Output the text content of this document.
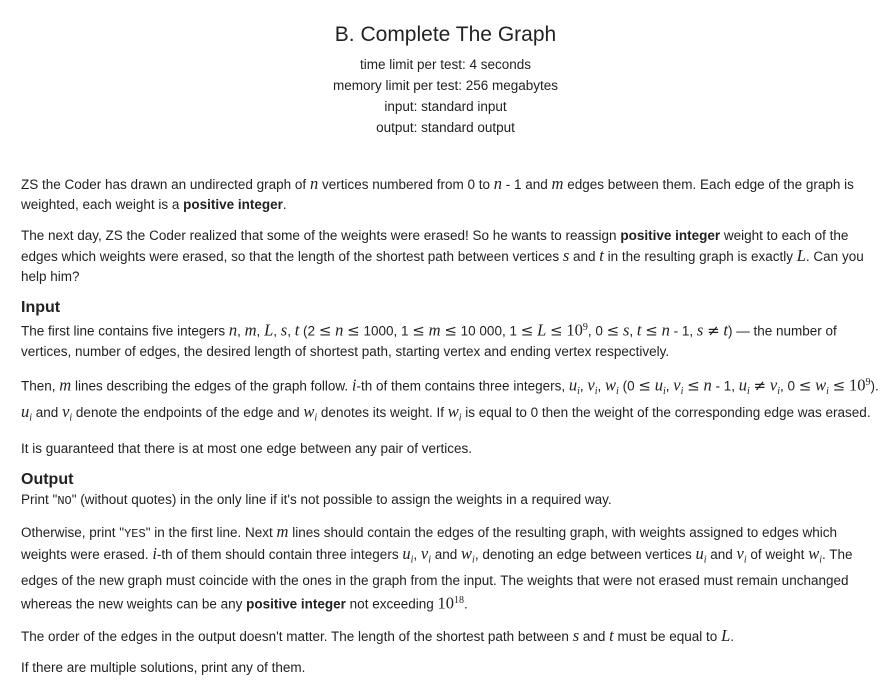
B. Complete The Graph
time limit per test: 4 seconds
memory limit per test: 256 megabytes
input: standard input
output: standard output

ZS the Coder has drawn an undirected graph of n vertices numbered from 0 to n - 1 and m edges between them. Each edge of the graph is weighted, each weight is a positive integer.

The next day, ZS the Coder realized that some of the weights were erased! So he wants to reassign positive integer weight to each of the edges which weights were erased, so that the length of the shortest path between vertices s and t in the resulting graph is exactly L. Can you help him?

Input

The first line contains five integers n, m, L, s, t (2 ≤ n ≤ 1000, 1 ≤ m ≤ 10 000, $1 \le L \le 10^9$, 0 ≤ s, t ≤ n - 1, s ≠ t) — the number of vertices, number of edges, the desired length of shortest path, starting vertex and ending vertex respectively.

Then, m lines describing the edges of the graph follow. i-th of them contains three integers, $u_i$, $v_i$, $w_i$ ($0 \le u_i$, $v_i \le n - 1$, $u_i \ne v_i$, $0 \le w_i \le 10^9$). $u_i$ and $v_i$ denote the endpoints of the edge and $w_i$ denotes its weight. If $w_i$ is equal to 0 then the weight of the corresponding edge was erased.

It is guaranteed that there is at most one edge between any pair of vertices.

Output

Print "NO" (without quotes) in the only line if it's not possible to assign the weights in a required way.

Otherwise, print "YES" in the first line. Next m lines should contain the edges of the resulting graph, with weights assigned to edges which weights were erased. i-th of them should contain three integers $u_i$, $v_i$ and $w_i$, denoting an edge between vertices $u_i$ and $v_i$ of weight $w_i$. The edges of the new graph must coincide with the ones in the graph from the input. The weights that were not erased must remain unchanged whereas the new weights can be any positive integer not exceeding $10^{18}$.

The order of the edges in the output doesn't matter. The length of the shortest path between s and t must be equal to L.

If there are multiple solutions, print any of them.
